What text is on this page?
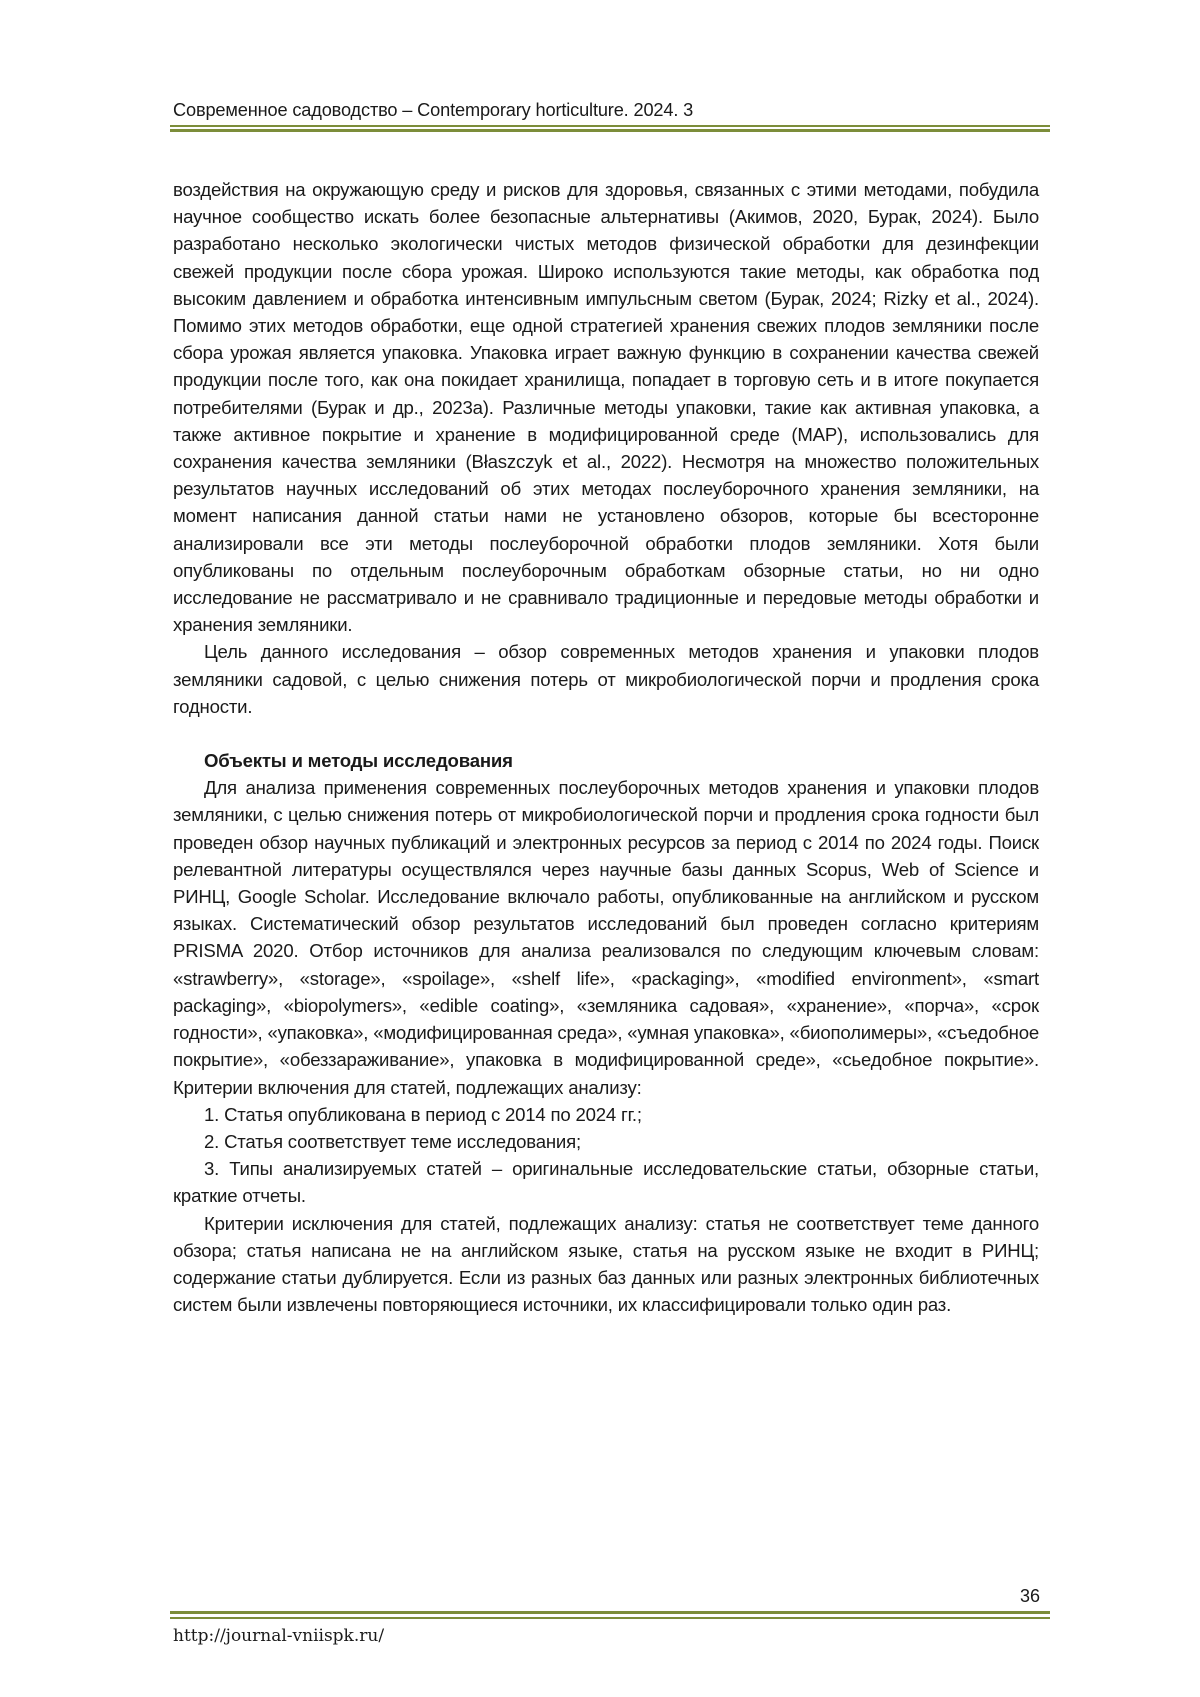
Современное садоводство – Contemporary horticulture. 2024. 3

воздействия на окружающую среду и рисков для здоровья, связанных с этими методами, побудила научное сообщество искать более безопасные альтернативы (Акимов, 2020, Бурак, 2024). Было разработано несколько экологически чистых методов физической обработки для дезинфекции свежей продукции после сбора урожая. Широко используются такие методы, как обработка под высоким давлением и обработка интенсивным импульсным светом (Бурак, 2024; Rizky et al., 2024). Помимо этих методов обработки, еще одной стратегией хранения свежих плодов земляники после сбора урожая является упаковка. Упаковка играет важную функцию в сохранении качества свежей продукции после того, как она покидает хранилища, попадает в торговую сеть и в итоге покупается потребителями (Бурак и др., 2023а). Различные методы упаковки, такие как активная упаковка, а также активное покрытие и хранение в модифицированной среде (MAP), использовались для сохранения качества земляники (Błaszczyk et al., 2022). Несмотря на множество положительных результатов научных исследований об этих методах послеуборочного хранения земляники, на момент написания данной статьи нами не установлено обзоров, которые бы всесторонне анализировали все эти методы послеуборочной обработки плодов земляники. Хотя были опубликованы по отдельным послеуборочным обработкам обзорные статьи, но ни одно исследование не рассматривало и не сравнивало традиционные и передовые методы обработки и хранения земляники.

Цель данного исследования – обзор современных методов хранения и упаковки плодов земляники садовой, с целью снижения потерь от микробиологической порчи и продления срока годности.

Объекты и методы исследования

Для анализа применения современных послеуборочных методов хранения и упаковки плодов земляники, с целью снижения потерь от микробиологической порчи и продления срока годности был проведен обзор научных публикаций и электронных ресурсов за период с 2014 по 2024 годы. Поиск релевантной литературы осуществлялся через научные базы данных Scopus, Web of Science и РИНЦ, Google Scholar. Исследование включало работы, опубликованные на английском и русском языках. Систематический обзор результатов исследований был проведен согласно критериям PRISMA 2020. Отбор источников для анализа реализовался по следующим ключевым словам: «strawberry», «storage», «spoilage», «shelf life», «packaging», «modified environment», «smart packaging», «biopolymers», «edible coating», «земляника садовая», «хранение», «порча», «срок годности», «упаковка», «модифицированная среда», «умная упаковка», «биополимеры», «съедобное покрытие», «обеззараживание», упаковка в модифицированной среде», «сьедобное покрытие». Критерии включения для статей, подлежащих анализу:

1. Статья опубликована в период с 2014 по 2024 гг.;

2. Статья соответствует теме исследования;

3. Типы анализируемых статей – оригинальные исследовательские статьи, обзорные статьи, краткие отчеты.

Критерии исключения для статей, подлежащих анализу: статья не соответствует теме данного обзора; статья написана не на английском языке, статья на русском языке не входит в РИНЦ; содержание статьи дублируется. Если из разных баз данных или разных электронных библиотечных систем были извлечены повторяющиеся источники, их классифицировали только один раз.

36
http://journal-vniispk.ru/
